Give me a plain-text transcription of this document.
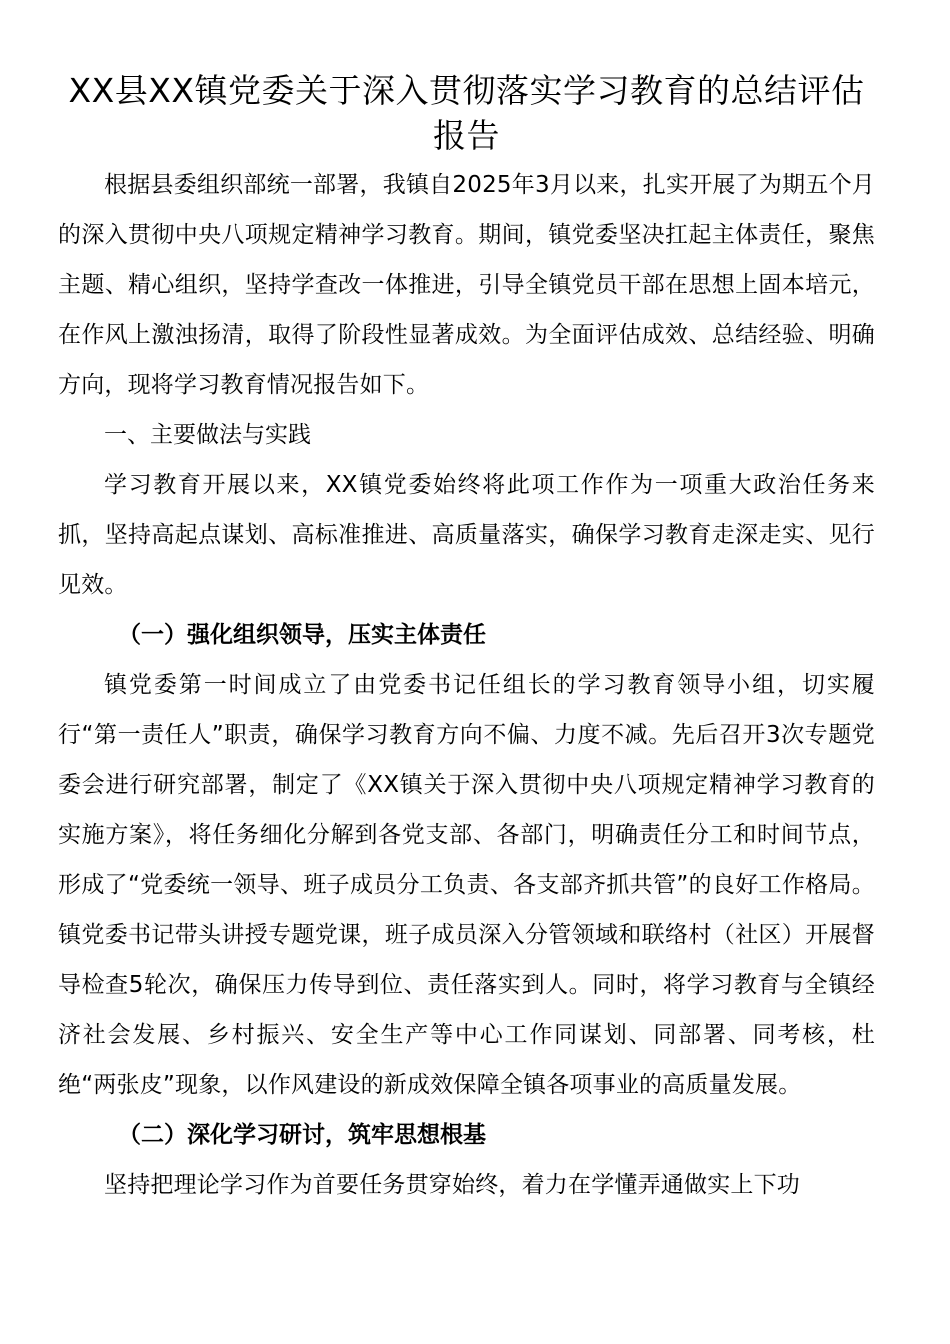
XX县XX镇党委关于深入贯彻落实学习教育的总结评估报告

根据县委组织部统一部署，我镇自2025年3月以来，扎实开展了为期五个月的深入贯彻中央八项规定精神学习教育。期间，镇党委坚决扛起主体责任，聚焦主题、精心组织，坚持学查改一体推进，引导全镇党员干部在思想上固本培元，在作风上激浊扬清，取得了阶段性显著成效。为全面评估成效、总结经验、明确方向，现将学习教育情况报告如下。

一、主要做法与实践

学习教育开展以来，XX镇党委始终将此项工作作为一项重大政治任务来抓，坚持高起点谋划、高标准推进、高质量落实，确保学习教育走深走实、见行见效。

（一）强化组织领导，压实主体责任

镇党委第一时间成立了由党委书记任组长的学习教育领导小组，切实履行“第一责任人”职责，确保学习教育方向不偏、力度不减。先后召开3次专题党委会进行研究部署，制定了《XX镇关于深入贯彻中央八项规定精神学习教育的实施方案》，将任务细化分解到各党支部、各部门，明确责任分工和时间节点，形成了“党委统一领导、班子成员分工负责、各支部齐抓共管”的良好工作格局。镇党委书记带头讲授专题党课，班子成员深入分管领域和联络村（社区）开展督导检查5轮次，确保压力传导到位、责任落实到人。同时，将学习教育与全镇经济社会发展、乡村振兴、安全生产等中心工作同谋划、同部署、同考核，杜绝“两张皮”现象，以作风建设的新成效保障全镇各项事业的高质量发展。

（二）深化学习研讨，筑牢思想根基

坚持把理论学习作为首要任务贯穿始终，着力在学懂弄通做实上下功
